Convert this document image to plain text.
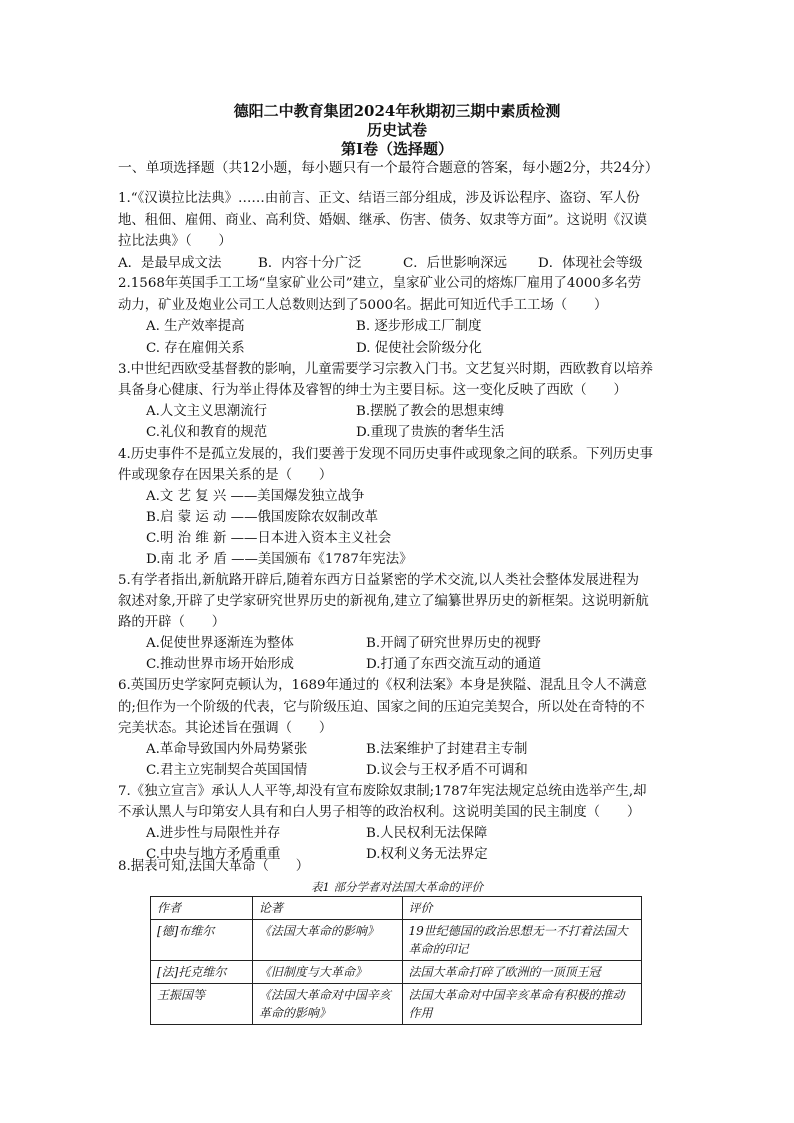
德阳二中教育集团2024年秋期初三期中素质检测
历史试卷
第Ⅰ卷（选择题）
一、单项选择题（共12小题，每小题只有一个最符合题意的答案，每小题2分，共24分）
1.“《汉谟拉比法典》……由前言、正文、结语三部分组成，涉及诉讼程序、盗窃、军人份
地、租佃、雇佣、商业、高利贷、婚姻、继承、伤害、债务、奴隶等方面”。这说明《汉谟
拉比法典》（　　）
A．是最早成文法	B．内容十分广泛	C．后世影响深远 D．体现社会等级
2.1568年英国手工工场“皇家矿业公司”建立，皇家矿业公司的熔炼厂雇用了4000多名劳
动力，矿业及炮业公司工人总数则达到了5000名。据此可知近代手工工场（　　）
A. 生产效率提高	B. 逐步形成工厂制度
C. 存在雇佣关系	D. 促使社会阶级分化
3.中世纪西欧受基督教的影响，儿童需要学习宗教入门书。文艺复兴时期，西欧教育以培养
具备身心健康、行为举止得体及睿智的绅士为主要目标。这一变化反映了西欧（　　）
A.人文主义思潮流行	B.摆脱了教会的思想束缚
C.礼仪和教育的规范	D.重现了贵族的奢华生活
4.历史事件不是孤立发展的，我们要善于发现不同历史事件或现象之间的联系。下列历史事
件或现象存在因果关系的是（　　）
A.文 艺 复 兴 ——美国爆发独立战争
B.启 蒙 运 动 ——俄国废除农奴制改革
C.明 治 维 新 ——日本进入资本主义社会
D.南 北 矛 盾 ——美国颁布《1787年宪法》
5.有学者指出,新航路开辟后,随着东西方日益紧密的学术交流,以人类社会整体发展进程为
叙述对象,开辟了史学家研究世界历史的新视角,建立了编纂世界历史的新框架。这说明新航
路的开辟（　　）
A.促使世界逐渐连为整体	B.开阔了研究世界历史的视野
C.推动世界市场开始形成	D.打通了东西交流互动的通道
6.英国历史学家阿克顿认为，1689年通过的《权利法案》本身是狭隘、混乱且令人不满意
的;但作为一个阶级的代表，它与阶级压迫、国家之间的压迫完美契合，所以处在奇特的不
完美状态。其论述旨在强调（　　）
A.革命导致国内外局势紧张	B.法案维护了封建君主专制
C.君主立宪制契合英国国情	D.议会与王权矛盾不可调和
7.《独立宣言》承认人人平等,却没有宣布废除奴隶制;1787年宪法规定总统由选举产生,却
不承认黑人与印第安人具有和白人男子相等的政治权利。这说明美国的民主制度（　　）
A.进步性与局限性并存	B.人民权利无法保障
C.中央与地方矛盾重重	D.权利义务无法界定
8.据表可知,法国大革命（　　）
表1 部分学者对法国大革命的评价
作者	论著	评价
[德]布维尔	《法国大革命的影响》	19世纪德国的政治思想无一不打着法国大革命的印记
[法]托克维尔	《旧制度与大革命》	法国大革命打碎了欧洲的一顶顶王冠
王振国等	《法国大革命对中国辛亥革命的影响》	法国大革命对中国辛亥革命有积极的推动作用
